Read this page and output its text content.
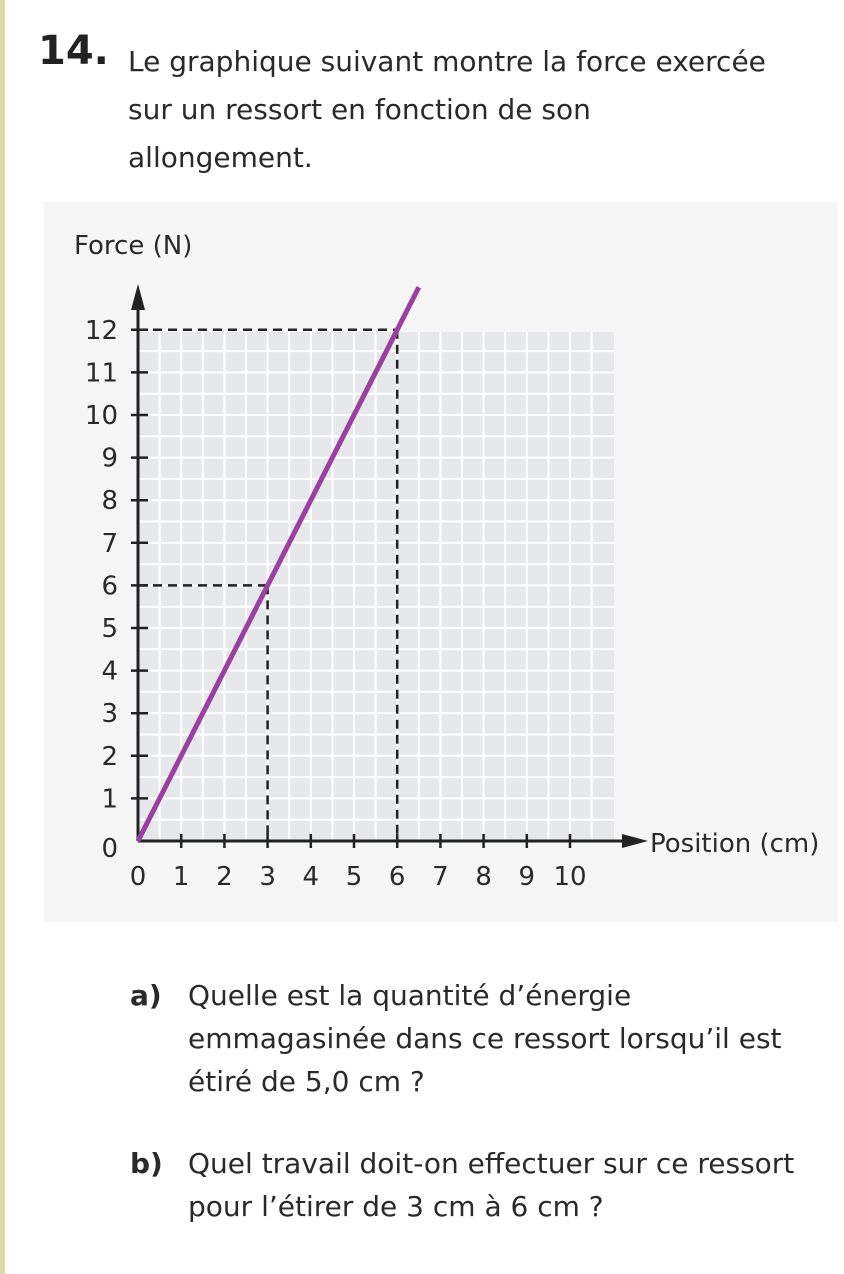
14. Le graphique suivant montre la force exercée sur un ressort en fonction de son allongement.
0 1 2 3 4 5 6 7 8 9 10
0
1
2
3
4
5
6
7
8
9
10
11
12
Force (N)
Position (cm)
a) Quelle est la quantité d’énergie emmagasinée dans ce ressort lorsqu’il est étiré de 5,0 cm ?
b) Quel travail doit-on effectuer sur ce ressort pour l’étirer de 3 cm à 6 cm ?
